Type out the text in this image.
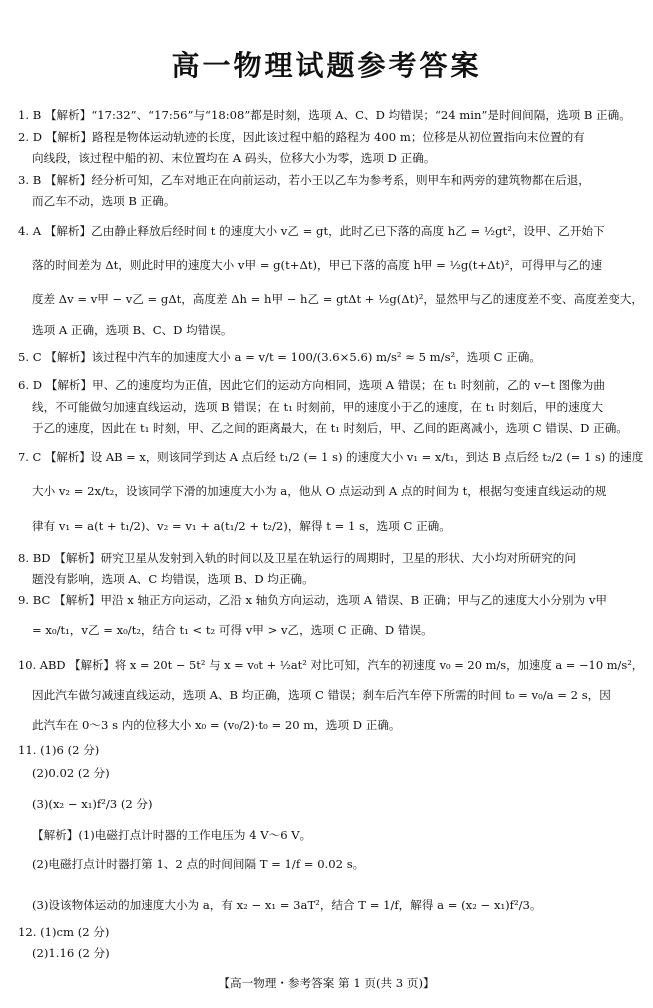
高一物理试题参考答案
1. B 【解析】“17:32”、“17:56”与“18:08”都是时刻，选项 A、C、D 均错误；“24 min”是时间间隔，选项 B 正确。
2. D 【解析】路程是物体运动轨迹的长度，因此该过程中船的路程为 400 m；位移是从初位置指向末位置的有
向线段，该过程中船的初、末位置均在 A 码头，位移大小为零，选项 D 正确。
3. B 【解析】经分析可知，乙车对地正在向前运动，若小王以乙车为参考系，则甲车和两旁的建筑物都在后退，
而乙车不动，选项 B 正确。
4. A 【解析】乙由静止释放后经时间 t 的速度大小 v乙 = gt，此时乙已下落的高度 h乙 = ½gt²，设甲、乙开始下
落的时间差为 Δt，则此时甲的速度大小 v甲 = g(t+Δt)，甲已下落的高度 h甲 = ½g(t+Δt)²，可得甲与乙的速
度差 Δv = v甲 − v乙 = gΔt，高度差 Δh = h甲 − h乙 = gtΔt + ½g(Δt)²，显然甲与乙的速度差不变、高度差变大，
选项 A 正确，选项 B、C、D 均错误。
5. C 【解析】该过程中汽车的加速度大小 a = v/t = 100/(3.6×5.6) m/s² ≈ 5 m/s²，选项 C 正确。
6. D 【解析】甲、乙的速度均为正值，因此它们的运动方向相同，选项 A 错误；在 t₁ 时刻前，乙的 v−t 图像为曲
线，不可能做匀加速直线运动，选项 B 错误；在 t₁ 时刻前，甲的速度小于乙的速度，在 t₁ 时刻后，甲的速度大
于乙的速度，因此在 t₁ 时刻，甲、乙之间的距离最大，在 t₁ 时刻后，甲、乙间的距离减小，选项 C 错误、D 正确。
7. C 【解析】设 AB = x，则该同学到达 A 点后经 t₁/2 (= 1 s) 的速度大小 v₁ = x/t₁，到达 B 点后经 t₂/2 (= 1 s) 的速度
大小 v₂ = 2x/t₂，设该同学下滑的加速度大小为 a，他从 O 点运动到 A 点的时间为 t，根据匀变速直线运动的规
律有 v₁ = a(t + t₁/2)、v₂ = v₁ + a(t₁/2 + t₂/2)，解得 t = 1 s，选项 C 正确。
8. BD 【解析】研究卫星从发射到入轨的时间以及卫星在轨运行的周期时，卫星的形状、大小均对所研究的问
题没有影响，选项 A、C 均错误，选项 B、D 均正确。
9. BC 【解析】甲沿 x 轴正方向运动，乙沿 x 轴负方向运动，选项 A 错误、B 正确；甲与乙的速度大小分别为 v甲
= x₀/t₁，v乙 = x₀/t₂，结合 t₁ < t₂ 可得 v甲 > v乙，选项 C 正确、D 错误。
10. ABD 【解析】将 x = 20t − 5t² 与 x = v₀t + ½at² 对比可知，汽车的初速度 v₀ = 20 m/s，加速度 a = −10 m/s²，
因此汽车做匀减速直线运动，选项 A、B 均正确，选项 C 错误；刹车后汽车停下所需的时间 t₀ = v₀/a = 2 s，因
此汽车在 0～3 s 内的位移大小 x₀ = (v₀/2)·t₀ = 20 m，选项 D 正确。
11. (1)6 (2 分)
(2)0.02 (2 分)
(3)(x₂ − x₁)f²/3 (2 分)
【解析】(1)电磁打点计时器的工作电压为 4 V～6 V。
(2)电磁打点计时器打第 1、2 点的时间间隔 T = 1/f = 0.02 s。
(3)设该物体运动的加速度大小为 a，有 x₂ − x₁ = 3aT²，结合 T = 1/f，解得 a = (x₂ − x₁)f²/3。
12. (1)cm (2 分)
(2)1.16 (2 分)
【高一物理・参考答案 第 1 页(共 3 页)】
